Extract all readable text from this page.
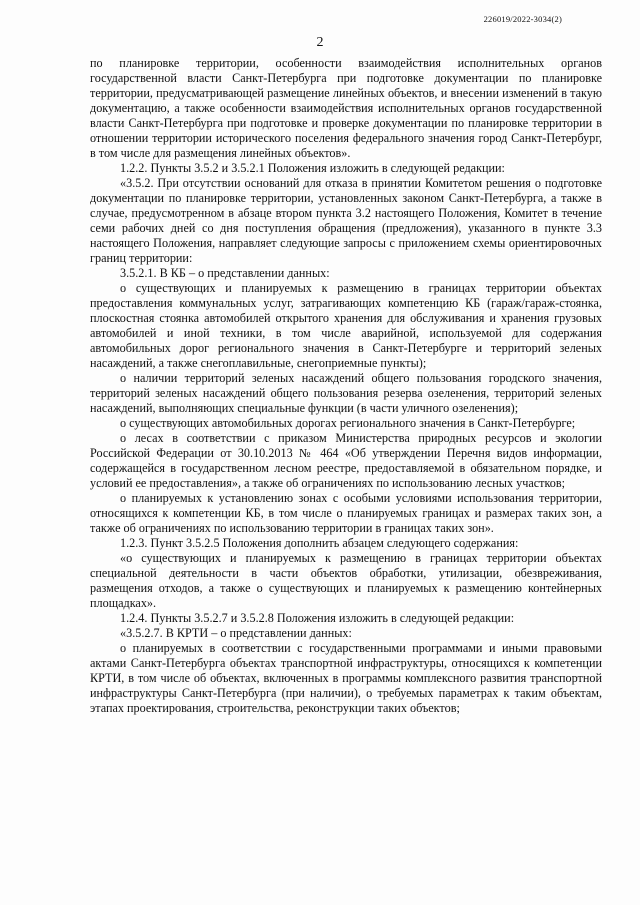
226019/2022-3034(2)
2

по планировке территории, особенности взаимодействия исполнительных органов государственной власти Санкт-Петербурга при подготовке документации по планировке территории, предусматривающей размещение линейных объектов, и внесении изменений в такую документацию, а также особенности взаимодействия исполнительных органов государственной власти Санкт-Петербурга при подготовке и проверке документации по планировке территории в отношении территории исторического поселения федерального значения город Санкт-Петербург, в том числе для размещения линейных объектов».

1.2.2. Пункты 3.5.2 и 3.5.2.1 Положения изложить в следующей редакции:

«3.5.2. При отсутствии оснований для отказа в принятии Комитетом решения о подготовке документации по планировке территории, установленных законом Санкт-Петербурга, а также в случае, предусмотренном в абзаце втором пункта 3.2 настоящего Положения, Комитет в течение семи рабочих дней со дня поступления обращения (предложения), указанного в пункте 3.3 настоящего Положения, направляет следующие запросы с приложением схемы ориентировочных границ территории:

3.5.2.1. В КБ – о представлении данных:

о существующих и планируемых к размещению в границах территории объектах предоставления коммунальных услуг, затрагивающих компетенцию КБ (гараж/гараж-стоянка, плоскостная стоянка автомобилей открытого хранения для обслуживания и хранения грузовых автомобилей и иной техники, в том числе аварийной, используемой для содержания автомобильных дорог регионального значения в Санкт-Петербурге и территорий зеленых насаждений, а также снегоплавильные, снегоприемные пункты);

о наличии территорий зеленых насаждений общего пользования городского значения, территорий зеленых насаждений общего пользования резерва озеленения, территорий зеленых насаждений, выполняющих специальные функции (в части уличного озеленения);

о существующих автомобильных дорогах регионального значения в Санкт-Петербурге;

о лесах в соответствии с приказом Министерства природных ресурсов и экологии Российской Федерации от 30.10.2013 № 464 «Об утверждении Перечня видов информации, содержащейся в государственном лесном реестре, предоставляемой в обязательном порядке, и условий ее предоставления», а также об ограничениях по использованию лесных участков;

о планируемых к установлению зонах с особыми условиями использования территории, относящихся к компетенции КБ, в том числе о планируемых границах и размерах таких зон, а также об ограничениях по использованию территории в границах таких зон».

1.2.3. Пункт 3.5.2.5 Положения дополнить абзацем следующего содержания:

«о существующих и планируемых к размещению в границах территории объектах специальной деятельности в части объектов обработки, утилизации, обезвреживания, размещения отходов, а также о существующих и планируемых к размещению контейнерных площадках».

1.2.4. Пункты 3.5.2.7 и 3.5.2.8 Положения изложить в следующей редакции:

«3.5.2.7. В КРТИ – о представлении данных:

о планируемых в соответствии с государственными программами и иными правовыми актами Санкт-Петербурга объектах транспортной инфраструктуры, относящихся к компетенции КРТИ, в том числе об объектах, включенных в программы комплексного развития транспортной инфраструктуры Санкт-Петербурга (при наличии), о требуемых параметрах к таким объектам, этапах проектирования, строительства, реконструкции таких объектов;
